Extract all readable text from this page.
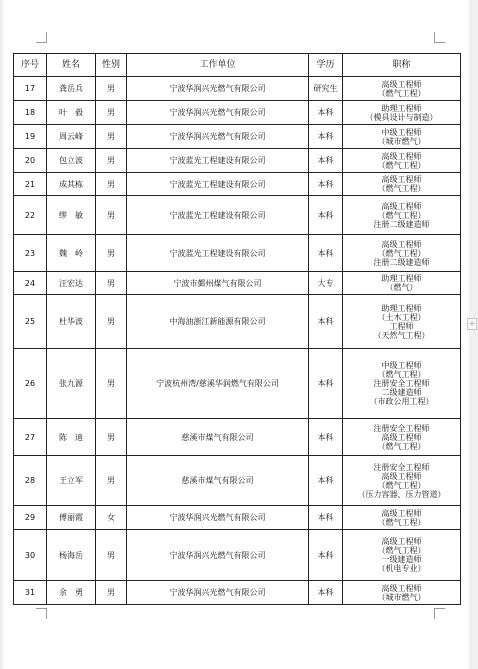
+
序号	姓名	性别	工作单位	学历	职称
17	龚岳兵	男	宁波华润兴光燃气有限公司	研究生	高级工程师
（燃气工程）

18	叶　毅	男	宁波华润兴光燃气有限公司	本科	助理工程师
（模具设计与制造）

19	周云峰	男	宁波华润兴光燃气有限公司	本科	中级工程师
（城市燃气）

20	包立波	男	宁波蓝光工程建设有限公司	本科	高级工程师
（燃气工程）

21	成其栋	男	宁波蓝光工程建设有限公司	本科	高级工程师
（燃气工程）

22	缪　敏	男	宁波蓝光工程建设有限公司	本科	高级工程师
（燃气工程）
注册二级建造师

23	魏　岭	男	宁波蓝光工程建设有限公司	本科	高级工程师
（燃气工程）
注册二级建造师

24	汪宏达	男	宁波市鄞州煤气有限公司	大专	助理工程师
（燃气）

25	杜华波	男	中海油浙江新能源有限公司	本科	助理工程师
（土木工程）
工程师
（天然气工程）

26	张九源	男	宁波杭州湾/慈溪华润燃气有限公司	本科	中级工程师
（燃气工程）
注册安全工程师
二级建造师
（市政公用工程）

27	陈　迪	男	慈溪市煤气有限公司	本科	注册安全工程师
高级工程师
（燃气工程）

28	王立军	男	慈溪市煤气有限公司	本科	注册安全工程师
高级工程师
（燃气工程）
（压力容器、压力管道）

29	傅丽霞	女	宁波华润兴光燃气有限公司	本科	高级工程师
（燃气工程）

30	杨海岳	男	宁波华润兴光燃气有限公司	本科	高级工程师
（燃气工程）
一级建造师
（机电专业）

31	余　勇	男	宁波华润兴光燃气有限公司	本科	高级工程师
（城市燃气）
